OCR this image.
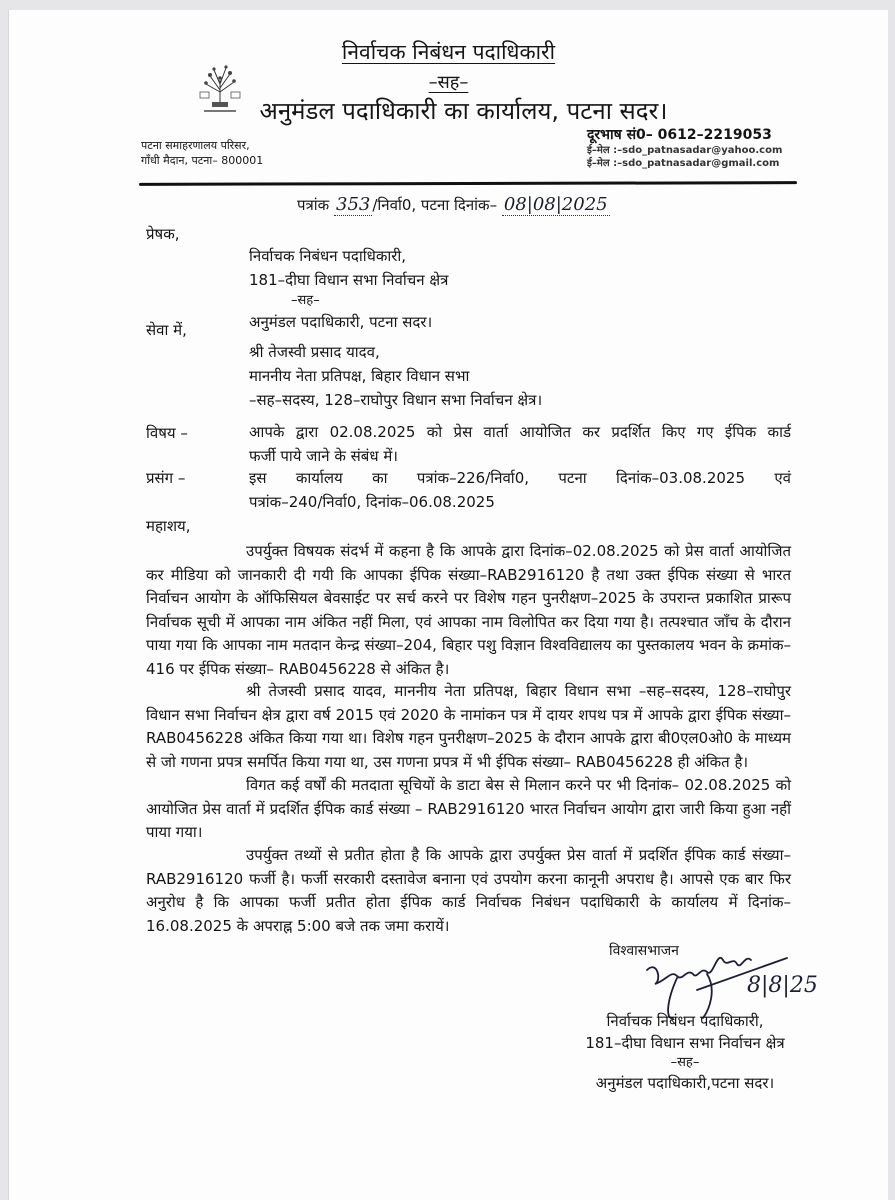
निर्वाचक निबंधन पदाधिकारी
–सह–
अनुमंडल पदाधिकारी का कार्यालय, पटना सदर।
पटना समाहरणालय परिसर,
गाँधी मैदान, पटना– 800001
दूरभाष सं0– 0612–2219053
ई–मेल :–sdo_patnasadar@yahoo.com
ई–मेल :–sdo_patnasadar@gmail.com
पत्रांक 353 /निर्वा0, पटना दिनांक– 08|08|2025
प्रेषक,
निर्वाचक निबंधन पदाधिकारी,
181–दीघा विधान सभा निर्वाचन क्षेत्र
–सह–
अनुमंडल पदाधिकारी, पटना सदर।
सेवा में,
श्री तेजस्वी प्रसाद यादव,
माननीय नेता प्रतिपक्ष, बिहार विधान सभा
–सह–सदस्य, 128–राघोपुर विधान सभा निर्वाचन क्षेत्र।
विषय –	आपके द्वारा 02.08.2025 को प्रेस वार्ता आयोजित कर प्रदर्शित किए गए ईपिक कार्ड
फर्जी पाये जाने के संबंध में।
प्रसंग –	इस कार्यालय का पत्रांक–226/निर्वा0, पटना दिनांक–03.08.2025 एवं
पत्रांक–240/निर्वा0, दिनांक–06.08.2025
महाशय,
उपर्युक्त विषयक संदर्भ में कहना है कि आपके द्वारा दिनांक–02.08.2025 को प्रेस वार्ता आयोजित कर मीडिया को जानकारी दी गयी कि आपका ईपिक संख्या–RAB2916120 है तथा उक्त ईपिक संख्या से भारत निर्वाचन आयोग के ऑफिसियल बेवसाईट पर सर्च करने पर विशेष गहन पुनरीक्षण–2025 के उपरान्त प्रकाशित प्रारूप निर्वाचक सूची में आपका नाम अंकित नहीं मिला, एवं आपका नाम विलोपित कर दिया गया है। तत्पश्चात जाँच के दौरान पाया गया कि आपका नाम मतदान केन्द्र संख्या–204, बिहार पशु विज्ञान विश्वविद्यालय का पुस्तकालय भवन के क्रमांक–416 पर ईपिक संख्या– RAB0456228 से अंकित है।
श्री तेजस्वी प्रसाद यादव, माननीय नेता प्रतिपक्ष, बिहार विधान सभा –सह–सदस्य, 128–राघोपुर विधान सभा निर्वाचन क्षेत्र द्वारा वर्ष 2015 एवं 2020 के नामांकन पत्र में दायर शपथ पत्र में आपके द्वारा ईपिक संख्या– RAB0456228 अंकित किया गया था। विशेष गहन पुनरीक्षण–2025 के दौरान आपके द्वारा बी0एल0ओ0 के माध्यम से जो गणना प्रपत्र समर्पित किया गया था, उस गणना प्रपत्र में भी ईपिक संख्या– RAB0456228 ही अंकित है।
विगत कई वर्षों की मतदाता सूचियों के डाटा बेस से मिलान करने पर भी दिनांक– 02.08.2025 को आयोजित प्रेस वार्ता में प्रदर्शित ईपिक कार्ड संख्या – RAB2916120 भारत निर्वाचन आयोग द्वारा जारी किया हुआ नहीं पाया गया।
उपर्युक्त तथ्यों से प्रतीत होता है कि आपके द्वारा उपर्युक्त प्रेस वार्ता में प्रदर्शित ईपिक कार्ड संख्या– RAB2916120 फर्जी है। फर्जी सरकारी दस्तावेज बनाना एवं उपयोग करना कानूनी अपराध है। आपसे एक बार फिर अनुरोध है कि आपका फर्जी प्रतीत होता ईपिक कार्ड निर्वाचक निबंधन पदाधिकारी के कार्यालय में दिनांक–16.08.2025 के अपराह्न 5:00 बजे तक जमा करायें।
विश्वासभाजन
8|8|25
निर्वाचक निबंधन पदाधिकारी,
181–दीघा विधान सभा निर्वाचन क्षेत्र
–सह–
अनुमंडल पदाधिकारी,पटना सदर।
